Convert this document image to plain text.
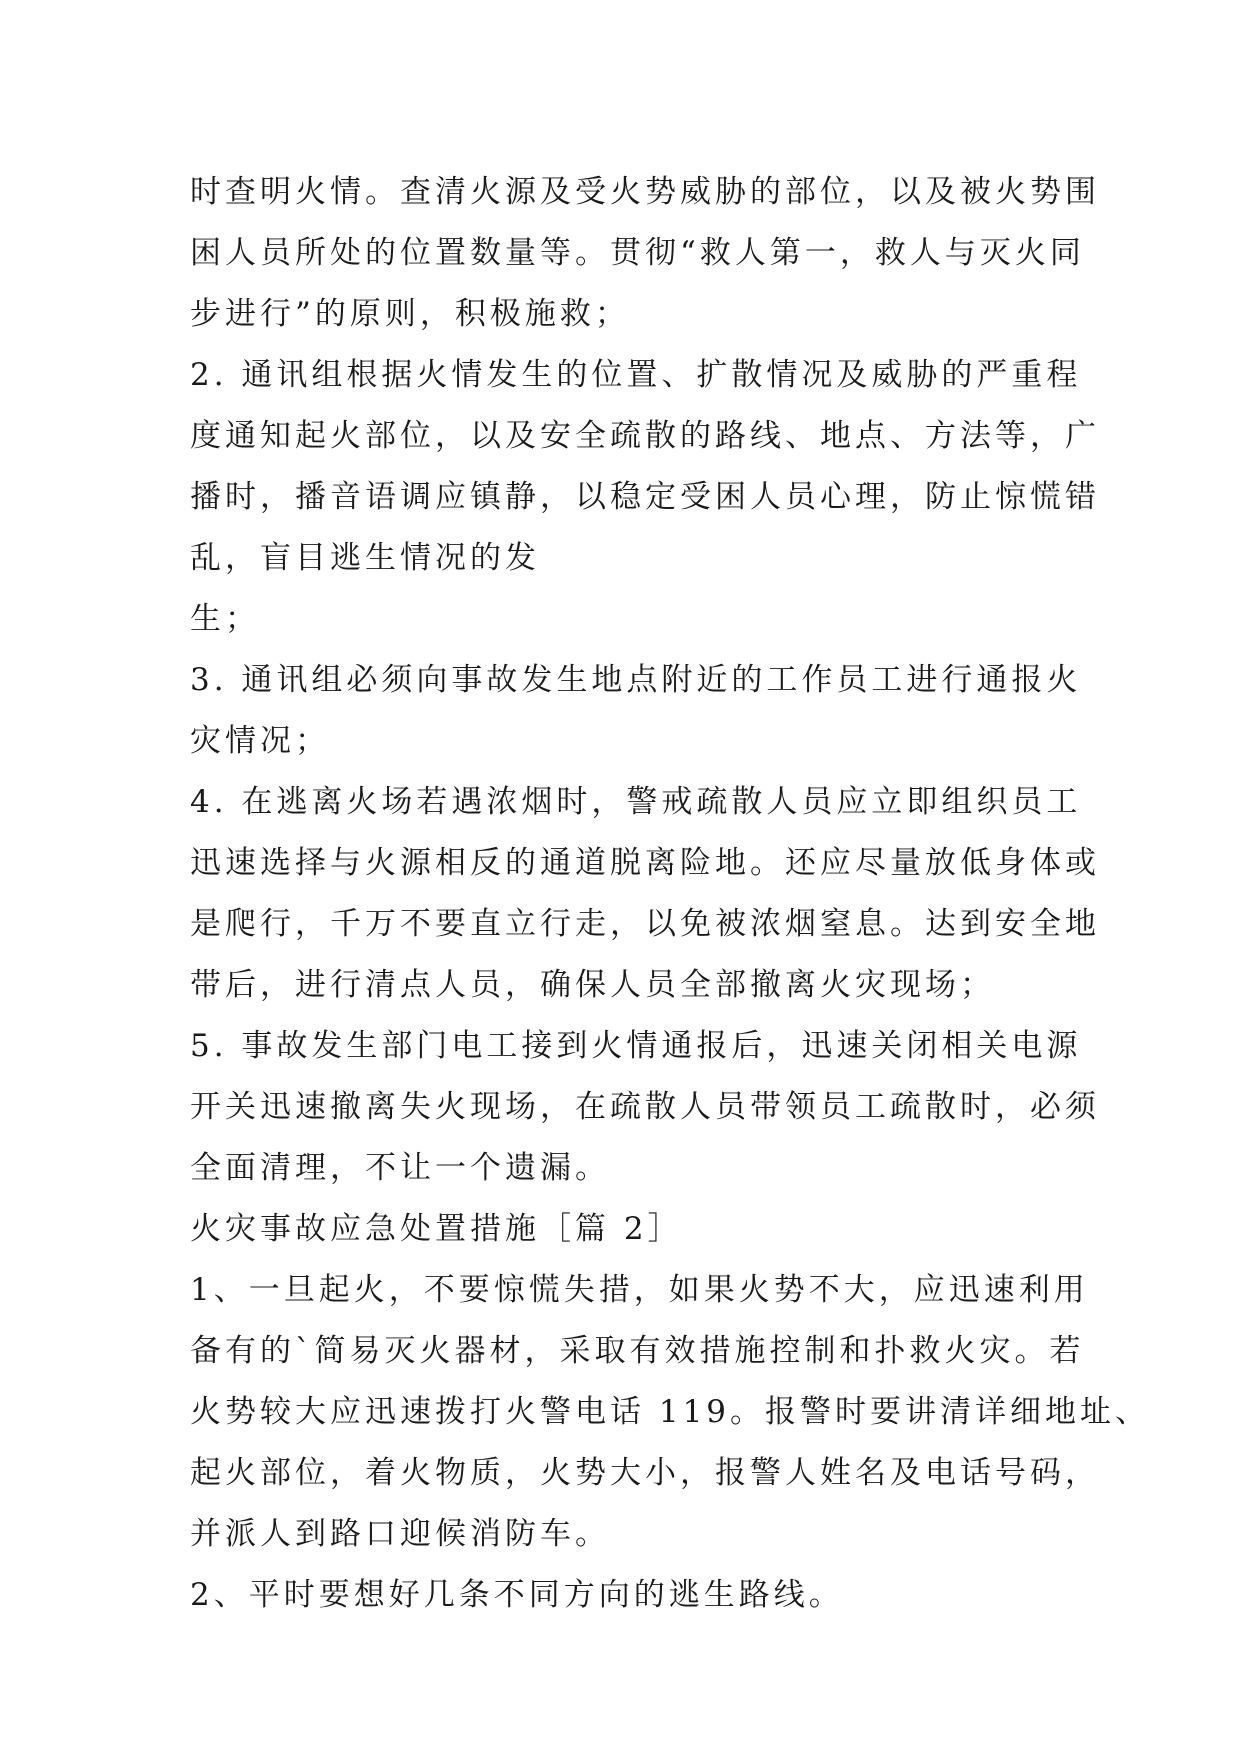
时查明火情。查清火源及受火势威胁的部位，以及被火势围
困人员所处的位置数量等。贯彻“救人第一，救人与灭火同
步进行”的原则，积极施救；
2. 通讯组根据火情发生的位置、扩散情况及威胁的严重程
度通知起火部位，以及安全疏散的路线、地点、方法等，广
播时，播音语调应镇静，以稳定受困人员心理，防止惊慌错
乱，盲目逃生情况的发
生；
3. 通讯组必须向事故发生地点附近的工作员工进行通报火
灾情况；
4. 在逃离火场若遇浓烟时，警戒疏散人员应立即组织员工
迅速选择与火源相反的通道脱离险地。还应尽量放低身体或
是爬行，千万不要直立行走，以免被浓烟窒息。达到安全地
带后，进行清点人员，确保人员全部撤离火灾现场；
5. 事故发生部门电工接到火情通报后，迅速关闭相关电源
开关迅速撤离失火现场，在疏散人员带领员工疏散时，必须
全面清理，不让一个遗漏。
火灾事故应急处置措施［篇 2］
1、一旦起火，不要惊慌失措，如果火势不大，应迅速利用
备有的`简易灭火器材，采取有效措施控制和扑救火灾。若
火势较大应迅速拨打火警电话 119。报警时要讲清详细地址、
起火部位，着火物质，火势大小，报警人姓名及电话号码，
并派人到路口迎候消防车。
2、平时要想好几条不同方向的逃生路线。
